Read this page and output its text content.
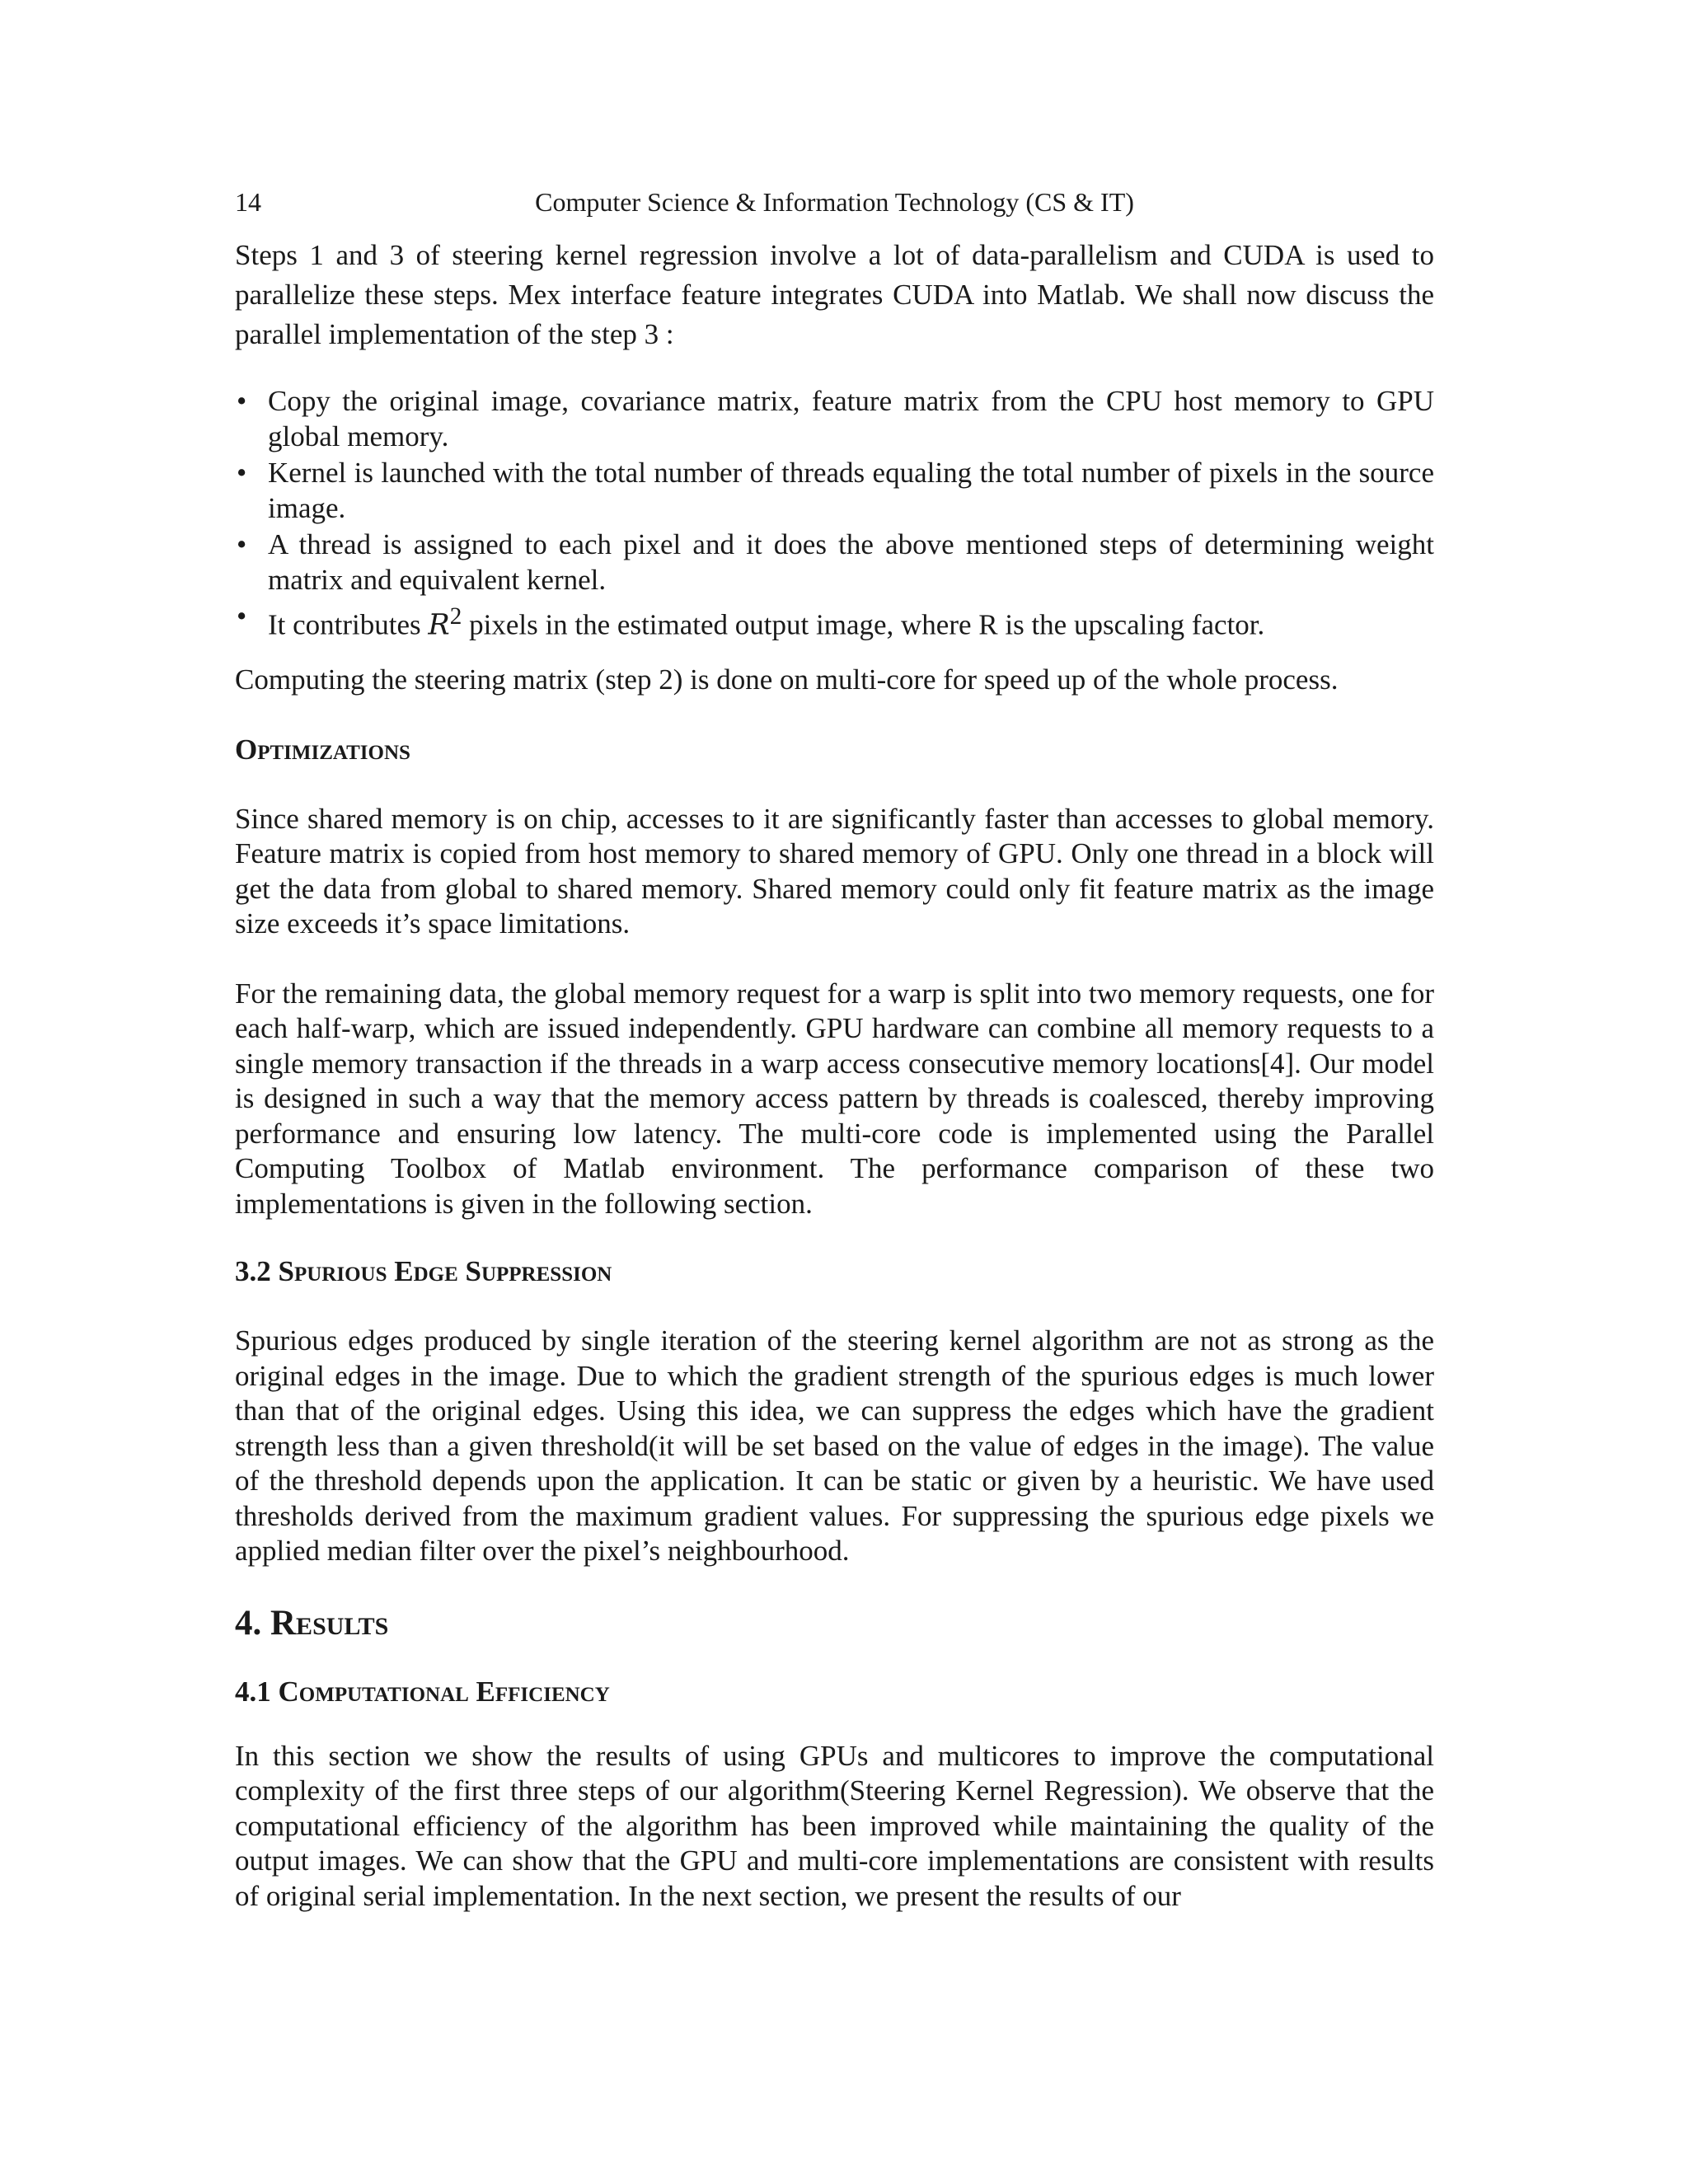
14	Computer Science & Information Technology (CS & IT)

Steps 1 and 3 of steering kernel regression involve a lot of data-parallelism and CUDA is used to parallelize these steps. Mex interface feature integrates CUDA into Matlab. We shall now discuss the parallel implementation of the step 3 :

• Copy the original image, covariance matrix, feature matrix from the CPU host memory to GPU global memory.
• Kernel is launched with the total number of threads equaling the total number of pixels in the source image.
• A thread is assigned to each pixel and it does the above mentioned steps of determining weight matrix and equivalent kernel.
• It contributes $R^2$ pixels in the estimated output image, where R is the upscaling factor.

Computing the steering matrix (step 2) is done on multi-core for speed up of the whole process.

Optimizations

Since shared memory is on chip, accesses to it are significantly faster than accesses to global memory. Feature matrix is copied from host memory to shared memory of GPU. Only one thread in a block will get the data from global to shared memory. Shared memory could only fit feature matrix as the image size exceeds it’s space limitations.

For the remaining data, the global memory request for a warp is split into two memory requests, one for each half-warp, which are issued independently. GPU hardware can combine all memory requests to a single memory transaction if the threads in a warp access consecutive memory locations[4]. Our model is designed in such a way that the memory access pattern by threads is coalesced, thereby improving performance and ensuring low latency. The multi-core code is implemented using the Parallel Computing Toolbox of Matlab environment. The performance comparison of these two implementations is given in the following section.

3.2 Spurious Edge Suppression

Spurious edges produced by single iteration of the steering kernel algorithm are not as strong as the original edges in the image. Due to which the gradient strength of the spurious edges is much lower than that of the original edges. Using this idea, we can suppress the edges which have the gradient strength less than a given threshold(it will be set based on the value of edges in the image). The value of the threshold depends upon the application. It can be static or given by a heuristic. We have used thresholds derived from the maximum gradient values. For suppressing the spurious edge pixels we applied median filter over the pixel’s neighbourhood.

4. Results
4.1 Computational Efficiency

In this section we show the results of using GPUs and multicores to improve the computational complexity of the first three steps of our algorithm(Steering Kernel Regression). We observe that the computational efficiency of the algorithm has been improved while maintaining the quality of the output images. We can show that the GPU and multi-core implementations are consistent with results of original serial implementation. In the next section, we present the results of our
